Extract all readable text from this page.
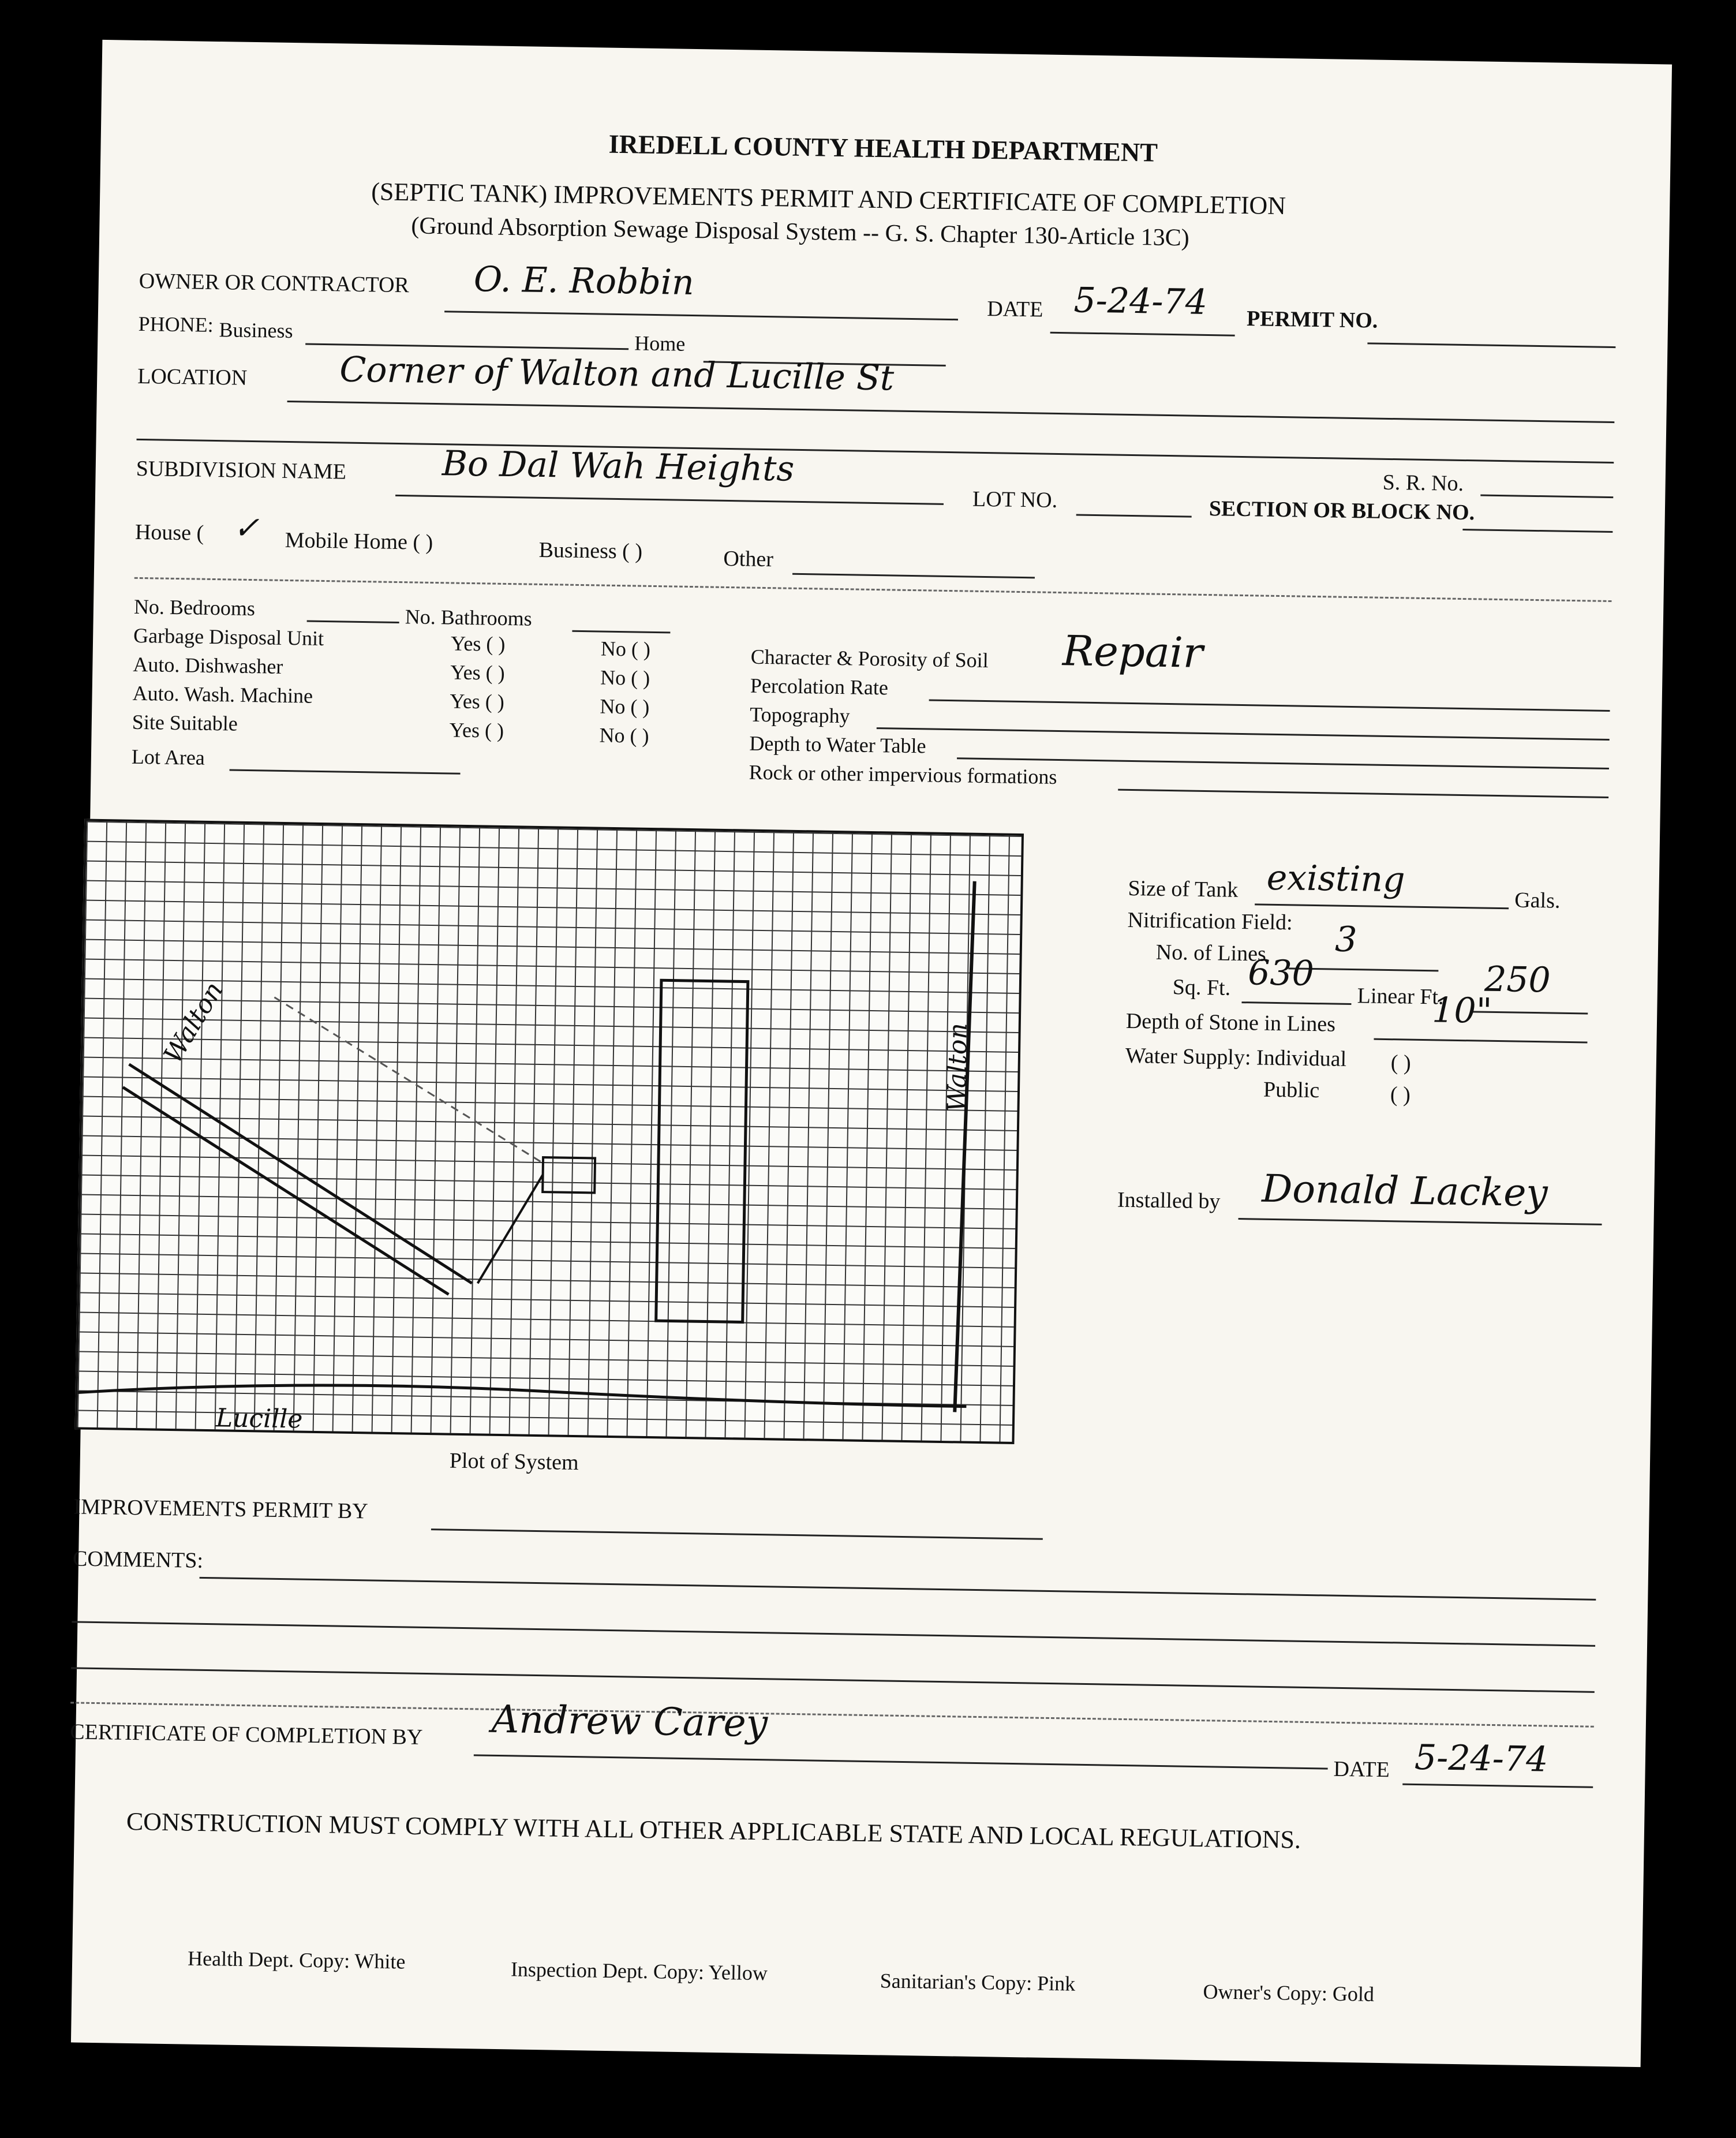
IREDELL COUNTY HEALTH DEPARTMENT
(SEPTIC TANK) IMPROVEMENTS PERMIT AND CERTIFICATE OF COMPLETION
(Ground Absorption Sewage Disposal System -- G. S. Chapter 130-Article 13C)
OWNER OR CONTRACTOR O. E. Robbin
DATE 5-24-74 PERMIT NO.
PHONE: Business
Home
LOCATION	Corner of Walton and Lucille St
SUBDIVISION NAME	Bo Dal Wah Heights
LOT NO.	SECTION OR BLOCK NO.
S. R. No.
House ( ✓ Mobile Home ( )	Business ( )	Other
No. Bedrooms	No. Bathrooms
Garbage Disposal Unit	Yes ( )	No ( )
Auto. Dishwasher	Yes ( )	No ( )
Auto. Wash. Machine	Yes ( )	No ( )
Site Suitable	Yes ( )	No ( )
Lot Area
Character & Porosity of Soil Repair
Percolation Rate
Topography
Depth to Water Table
Rock or other impervious formations
Lucille
Walton
Walton
Plot of System
Size of Tank existing
Gals.
Nitrification Field:
No. of Lines 3
Sq. Ft. 630
Linear Ft. 250
Depth of Stone in Lines	10"
Water Supply: Individual ( )
Public	( )
Installed by Donald Lackey
IMPROVEMENTS PERMIT BY
COMMENTS:
CERTIFICATE OF COMPLETION BY Andrew Carey
DATE 5-24-74
CONSTRUCTION MUST COMPLY WITH ALL OTHER APPLICABLE STATE AND LOCAL REGULATIONS.
Health Dept. Copy: White	Inspection Dept. Copy: Yellow	Sanitarian's Copy: Pink	Owner's Copy: Gold
